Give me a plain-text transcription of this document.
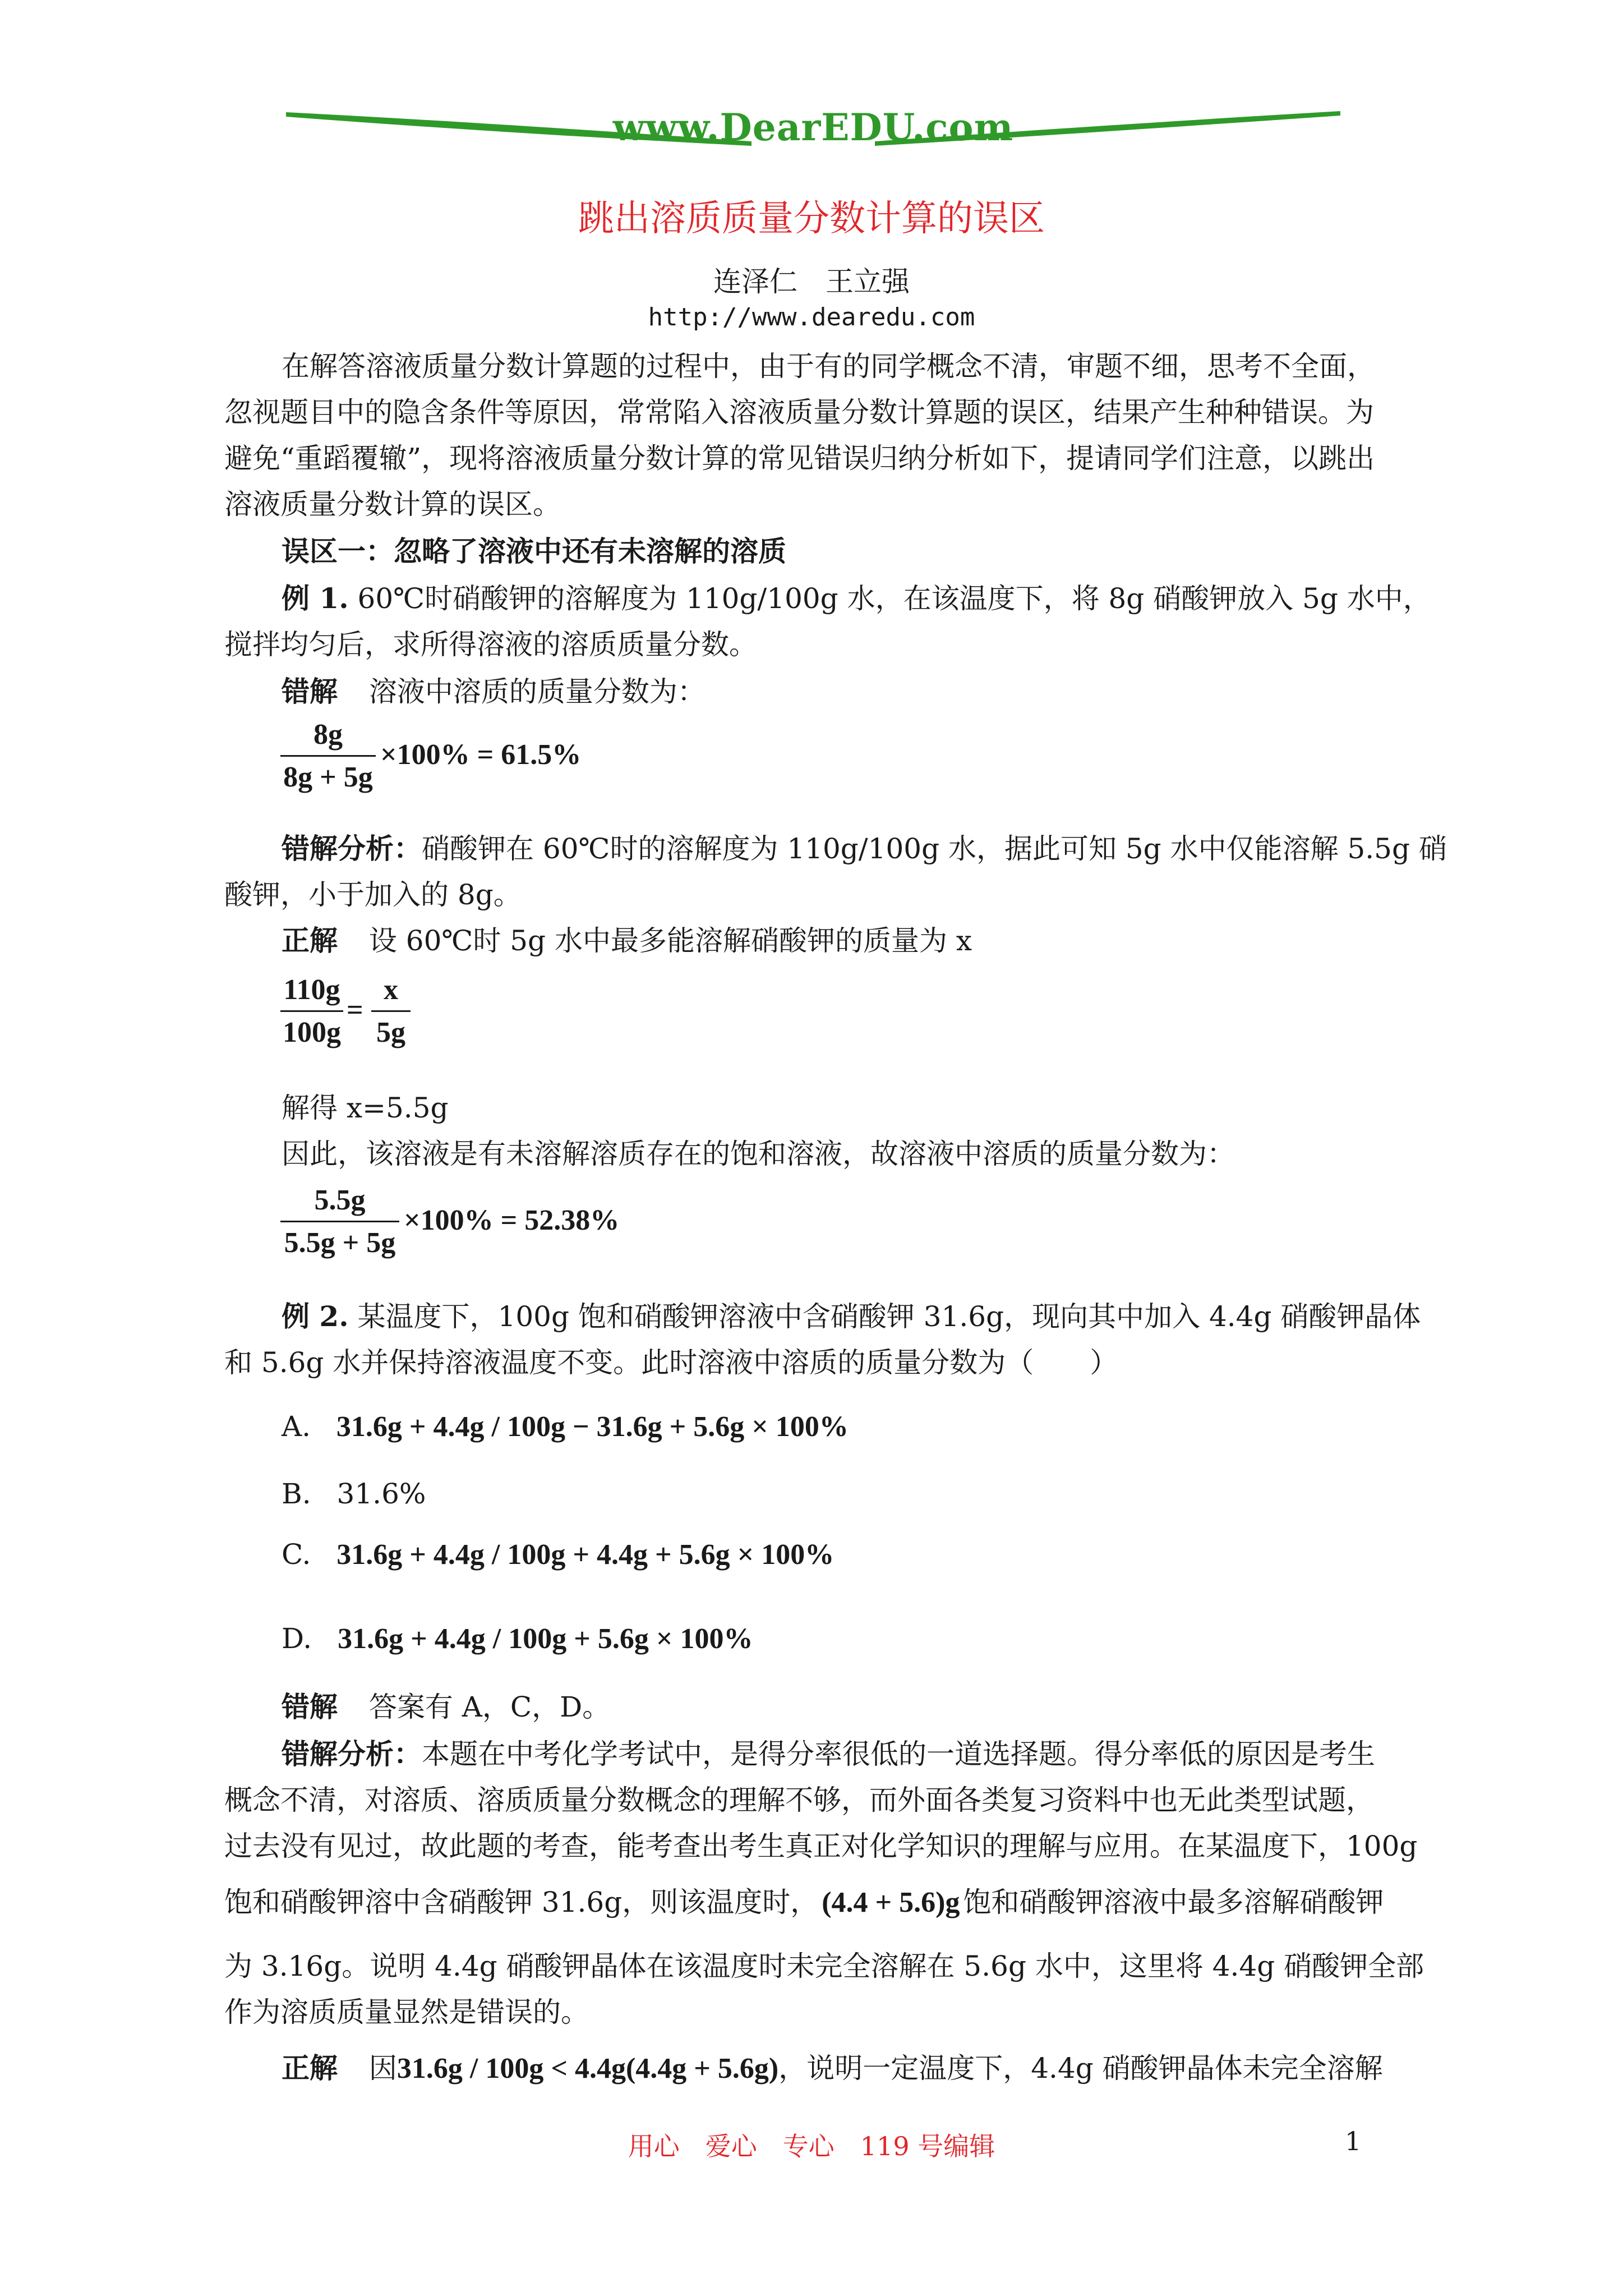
www.DearEDU.com
跳出溶质质量分数计算的误区
连泽仁　王立强
http://www.dearedu.com
在解答溶液质量分数计算题的过程中，由于有的同学概念不清，审题不细，思考不全面，
忽视题目中的隐含条件等原因，常常陷入溶液质量分数计算题的误区，结果产生种种错误。为
避免“重蹈覆辙”，现将溶液质量分数计算的常见错误归纳分析如下，提请同学们注意，以跳出
溶液质量分数计算的误区。
误区一：忽略了溶液中还有未溶解的溶质
例 1. 60℃时硝酸钾的溶解度为 110g/100g 水，在该温度下，将 8g 硝酸钾放入 5g 水中，
搅拌均匀后，求所得溶液的溶质质量分数。
错解 溶液中溶质的质量分数为：
8g
8g + 5g
×100% = 61.5%
错解分析：硝酸钾在 60℃时的溶解度为 110g/100g 水，据此可知 5g 水中仅能溶解 5.5g 硝
酸钾，小于加入的 8g。
正解 设 60℃时 5g 水中最多能溶解硝酸钾的质量为 x
110g
100g
=
x
5g
解得 x=5.5g
因此，该溶液是有未溶解溶质存在的饱和溶液，故溶液中溶质的质量分数为：
5.5g
5.5g + 5g
×100% = 52.38%
例 2. 某温度下，100g 饱和硝酸钾溶液中含硝酸钾 31.6g，现向其中加入 4.4g 硝酸钾晶体
和 5.6g 水并保持溶液温度不变。此时溶液中溶质的质量分数为（　　）
A. 31.6g + 4.4g / 100g − 31.6g + 5.6g × 100%
B. 31.6%
C. 31.6g + 4.4g / 100g + 4.4g + 5.6g × 100%
D. 31.6g + 4.4g / 100g + 5.6g × 100%
错解 答案有 A，C，D。
错解分析：本题在中考化学考试中，是得分率很低的一道选择题。得分率低的原因是考生
概念不清，对溶质、溶质质量分数概念的理解不够，而外面各类复习资料中也无此类型试题，
过去没有见过，故此题的考查，能考查出考生真正对化学知识的理解与应用。在某温度下，100g
饱和硝酸钾溶中含硝酸钾 31.6g，则该温度时， (4.4 + 5.6)g 饱和硝酸钾溶液中最多溶解硝酸钾
为 3.16g。说明 4.4g 硝酸钾晶体在该温度时未完全溶解在 5.6g 水中，这里将 4.4g 硝酸钾全部
作为溶质质量显然是错误的。
正解 因31.6g / 100g < 4.4g(4.4g + 5.6g)，说明一定温度下，4.4g 硝酸钾晶体未完全溶解
用心　爱心　专心　119 号编辑	1
